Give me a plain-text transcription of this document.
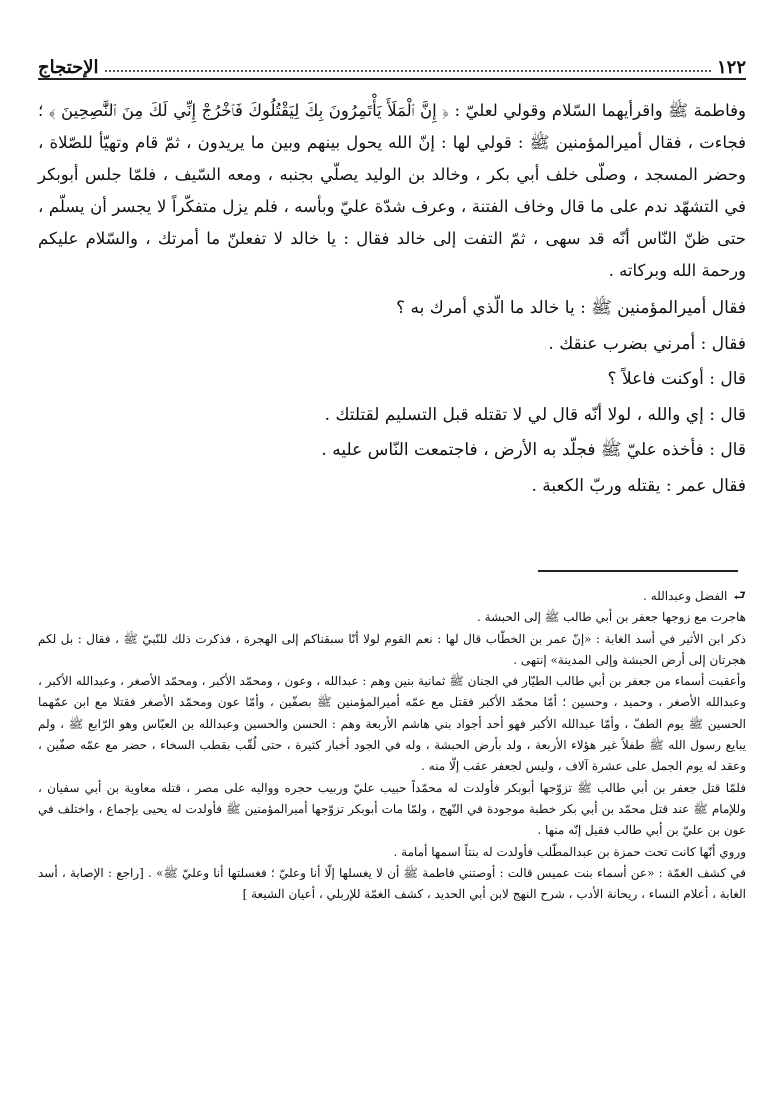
الإحتجاج	١٢٢

وفاطمة ﷺ واقرأيهما السّلام وقولي لعليّ : ﴿ إِنَّ ٱلْمَلَأَ يَأْتَمِرُونَ بِكَ لِيَقْتُلُوكَ فَٱخْرُجْ إِنِّي لَكَ مِنَ ٱلنَّٰصِحِينَ ﴾ ؛ فجاءت ، فقال أميرالمؤمنين ﷺ : قولي لها : إنّ الله يحول بينهم وبين ما يريدون ، ثمّ قام وتهيّأ للصّلاة ، وحضر المسجد ، وصلّى خلف أبي بكر ، وخالد بن الوليد يصلّي بجنبه ، ومعه السّيف ، فلمّا جلس أبوبكر في التشهّد ندم على ما قال وخاف الفتنة ، وعرف شدّة عليّ وبأسه ، فلم يزل متفكّراً لا يجسر أن يسلّم ، حتى ظنّ النّاس أنّه قد سهى ، ثمّ التفت إلى خالد فقال : يا خالد لا تفعلنّ ما أمرتك ، والسّلام عليكم ورحمة الله وبركاته .

فقال أميرالمؤمنين ﷺ : يا خالد ما الّذي أمرك به ؟

فقال : أمرني بضرب عنقك .

قال : أوكنت فاعلاً ؟

قال : إي والله ، لولا أنّه قال لي لا تقتله قبل التسليم لقتلتك .

قال : فأخذه عليّ ﷺ فجلّد به الأرض ، فاجتمعت النّاس عليه .

فقال عمر : يقتله وربّ الكعبة .

⮐الفضل وعبدالله .

هاجرت مع زوجها جعفر بن أبي طالب ﷺ إلى الحبشة .

ذكر ابن الأثير في أسد الغابة : «إنّ عمر بن الخطّاب قال لها : نعم القوم لولا أنّا سبقناكم إلى الهجرة ، فذكرت ذلك للنّبيّ ﷺ ، فقال : بل لكم هجرتان إلى أرض الحبشة وإلى المدينة» إنتهى .

وأعقبت أسماء من جعفر بن أبي طالب الطيّار في الجنان ﷺ ثمانية بنين وهم : عبدالله ، وعون ، ومحمّد الأكبر ، ومحمّد الأصغر ، وعبدالله الأكبر ، وعبدالله الأصغر ، وحميد ، وحسين ؛ أمّا محمّد الأكبر فقتل مع عمّه أميرالمؤمنين ﷺ بصفّين ، وأمّا عون ومحمّد الأصغر فقتلا مع ابن عمّهما الحسين ﷺ يوم الطفّ ، وأمّا عبدالله الأكبر فهو أحد أجواد بني هاشم الأربعة وهم : الحسن والحسين وعبدالله بن العبّاس وهو الرّابع ﷺ ، ولم يبايع رسول الله ﷺ طفلاً غير هؤلاء الأربعة ، ولد بأرض الحبشة ، وله في الجود أخبار كثيرة ، حتى لُقّب بقطب السخاء ، حضر مع عمّه صفّين ، وعقد له يوم الجمل على عشرة آلاف ، وليس لجعفر عقب إلّا منه .

فلمّا قتل جعفر بن أبي طالب ﷺ تزوّجها أبوبكر فأولدت له محمّداً حبيب عليّ وربيب حجره وواليه على مصر ، قتله معاوية بن أبي سفيان ، وللإمام ﷺ عند قتل محمّد بن أبي بكر خطبة موجودة في النّهج ، ولمّا مات أبوبكر تزوّجها أميرالمؤمنين ﷺ فأولدت له يحيى بإجماع ، واختلف في عون بن عليّ بن أبي طالب فقيل إنّه منها .

وروي أنّها كانت تحت حمزة بن عبدالمطّلب فأولدت له بنتاً اسمها أمامة .

في كشف الغمّة : «عن أسماء بنت عميس قالت : أوصتني فاطمة ﷺ أن لا يغسلها إلّا أنا وعليّ ؛ فغسلتها أنا وعليّ ﷺ» . [راجع : الإصابة ، أسد الغابة ، أعلام النساء ، ريحانة الأدب ، شرح النهج لابن أبي الحديد ، كشف الغمّة للإربلي ، أعيان الشيعة ]
